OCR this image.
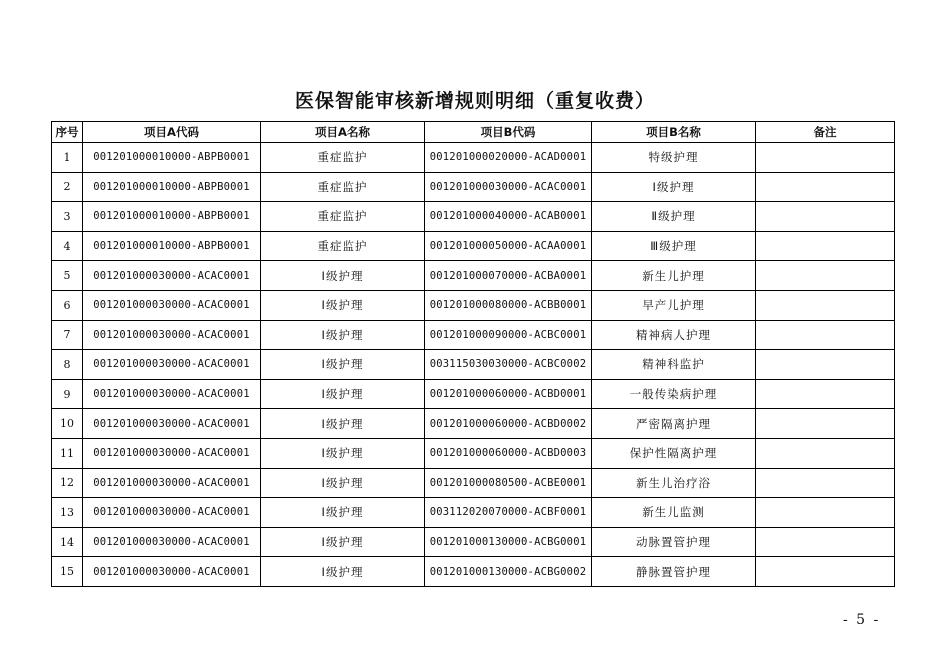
医保智能审核新增规则明细（重复收费）
序号	项目A代码	项目A名称	项目B代码	项目B名称	备注
1	001201000010000-ABPB0001	重症监护	001201000020000-ACAD0001	特级护理	
2	001201000010000-ABPB0001	重症监护	001201000030000-ACAC0001	Ⅰ级护理	
3	001201000010000-ABPB0001	重症监护	001201000040000-ACAB0001	Ⅱ级护理	
4	001201000010000-ABPB0001	重症监护	001201000050000-ACAA0001	Ⅲ级护理	
5	001201000030000-ACAC0001	Ⅰ级护理	001201000070000-ACBA0001	新生儿护理	
6	001201000030000-ACAC0001	Ⅰ级护理	001201000080000-ACBB0001	早产儿护理	
7	001201000030000-ACAC0001	Ⅰ级护理	001201000090000-ACBC0001	精神病人护理	
8	001201000030000-ACAC0001	Ⅰ级护理	003115030030000-ACBC0002	精神科监护	
9	001201000030000-ACAC0001	Ⅰ级护理	001201000060000-ACBD0001	一般传染病护理	
10	001201000030000-ACAC0001	Ⅰ级护理	001201000060000-ACBD0002	严密隔离护理	
11	001201000030000-ACAC0001	Ⅰ级护理	001201000060000-ACBD0003	保护性隔离护理	
12	001201000030000-ACAC0001	Ⅰ级护理	001201000080500-ACBE0001	新生儿治疗浴	
13	001201000030000-ACAC0001	Ⅰ级护理	003112020070000-ACBF0001	新生儿监测	
14	001201000030000-ACAC0001	Ⅰ级护理	001201000130000-ACBG0001	动脉置管护理	
15	001201000030000-ACAC0001	Ⅰ级护理	001201000130000-ACBG0002	静脉置管护理	
- 5 -
